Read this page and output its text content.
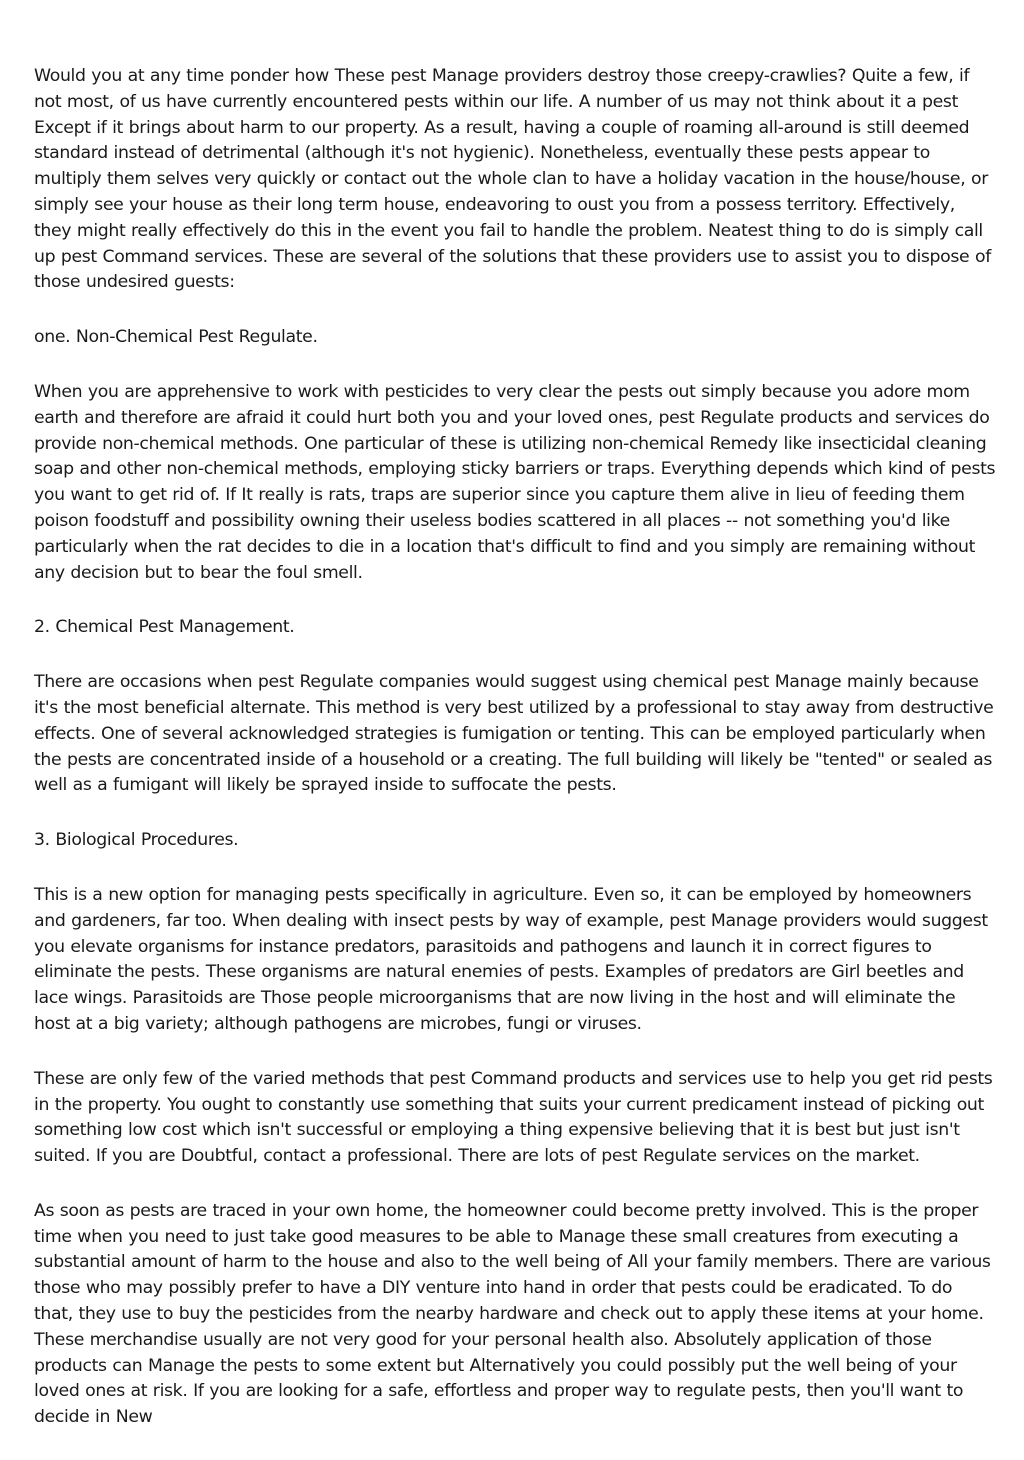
Would you at any time ponder how These pest Manage providers destroy those creepy-crawlies? Quite a few, if not most, of us have currently encountered pests within our life. A number of us may not think about it a pest Except if it brings about harm to our property. As a result, having a couple of roaming all-around is still deemed standard instead of detrimental (although it's not hygienic). Nonetheless, eventually these pests appear to multiply them selves very quickly or contact out the whole clan to have a holiday vacation in the house/house, or simply see your house as their long term house, endeavoring to oust you from a possess territory. Effectively, they might really effectively do this in the event you fail to handle the problem. Neatest thing to do is simply call up pest Command services. These are several of the solutions that these providers use to assist you to dispose of those undesired guests:

one. Non-Chemical Pest Regulate.

When you are apprehensive to work with pesticides to very clear the pests out simply because you adore mom earth and therefore are afraid it could hurt both you and your loved ones, pest Regulate products and services do provide non-chemical methods. One particular of these is utilizing non-chemical Remedy like insecticidal cleaning soap and other non-chemical methods, employing sticky barriers or traps. Everything depends which kind of pests you want to get rid of. If It really is rats, traps are superior since you capture them alive in lieu of feeding them poison foodstuff and possibility owning their useless bodies scattered in all places -- not something you'd like particularly when the rat decides to die in a location that's difficult to find and you simply are remaining without any decision but to bear the foul smell.

2. Chemical Pest Management.

There are occasions when pest Regulate companies would suggest using chemical pest Manage mainly because it's the most beneficial alternate. This method is very best utilized by a professional to stay away from destructive effects. One of several acknowledged strategies is fumigation or tenting. This can be employed particularly when the pests are concentrated inside of a household or a creating. The full building will likely be "tented" or sealed as well as a fumigant will likely be sprayed inside to suffocate the pests.

3. Biological Procedures.

This is a new option for managing pests specifically in agriculture. Even so, it can be employed by homeowners and gardeners, far too. When dealing with insect pests by way of example, pest Manage providers would suggest you elevate organisms for instance predators, parasitoids and pathogens and launch it in correct figures to eliminate the pests. These organisms are natural enemies of pests. Examples of predators are Girl beetles and lace wings. Parasitoids are Those people microorganisms that are now living in the host and will eliminate the host at a big variety; although pathogens are microbes, fungi or viruses.

These are only few of the varied methods that pest Command products and services use to help you get rid pests in the property. You ought to constantly use something that suits your current predicament instead of picking out something low cost which isn't successful or employing a thing expensive believing that it is best but just isn't suited. If you are Doubtful, contact a professional. There are lots of pest Regulate services on the market.

As soon as pests are traced in your own home, the homeowner could become pretty involved. This is the proper time when you need to just take good measures to be able to Manage these small creatures from executing a substantial amount of harm to the house and also to the well being of All your family members. There are various those who may possibly prefer to have a DIY venture into hand in order that pests could be eradicated. To do that, they use to buy the pesticides from the nearby hardware and check out to apply these items at your home. These merchandise usually are not very good for your personal health also. Absolutely application of those products can Manage the pests to some extent but Alternatively you could possibly put the well being of your loved ones at risk. If you are looking for a safe, effortless and proper way to regulate pests, then you'll want to decide in New
